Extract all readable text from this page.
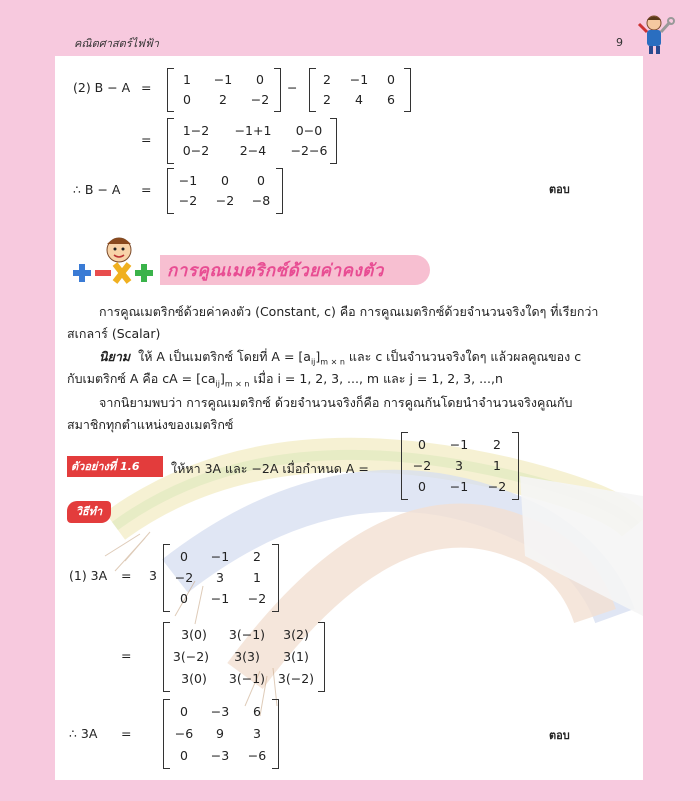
คณิตศาสตร์ไฟฟ้า	9
(2) B − A =
1	−1	0
0	2	−2
−
2	−1	0
2	4	6
=
1−2	−1+1	0−0
0−2	2−4	−2−6
∴ B − A =
−1	0	0
−2	−2	−8
ตอบ
การคูณเมตริกซ์ด้วยค่าคงตัว
การคูณเมตริกซ์ด้วยค่าคงตัว (Constant, c) คือ การคูณเมตริกซ์ด้วยจำนวนจริงใดๆ ที่เรียกว่า
สเกลาร์ (Scalar)
นิยาม ให้ A เป็นเมตริกซ์ โดยที่ $A = [a_{ij}]_{m \times n}$ และ c เป็นจำนวนจริงใดๆ แล้วผลคูณของ c
กับเมตริกซ์ A คือ cA = $[ca_{ij}]_{m \times n}$ เมื่อ i = 1, 2, 3, ..., m และ j = 1, 2, 3, ...,n
จากนิยามพบว่า การคูณเมตริกซ์ ด้วยจำนวนจริงก็คือ การคูณกันโดยนำจำนวนจริงคูณกับ
สมาชิกทุกตำแหน่งของเมตริกซ์
ตัวอย่างที่ 1.6	ให้หา 3A และ −2A เมื่อกำหนด A =
0	−1	2
−2	3	1
0	−1	−2
วิธีทำ
(1) 3A = 3
0	−1	2
−2	3	1
0	−1	−2
=
3(0)	3(−1)	3(2)
3(−2)	3(3)	3(1)
3(0)	3(−1)	3(−2)
∴ 3A =
0	−3	6
−6	9	3
0	−3	−6
ตอบ
